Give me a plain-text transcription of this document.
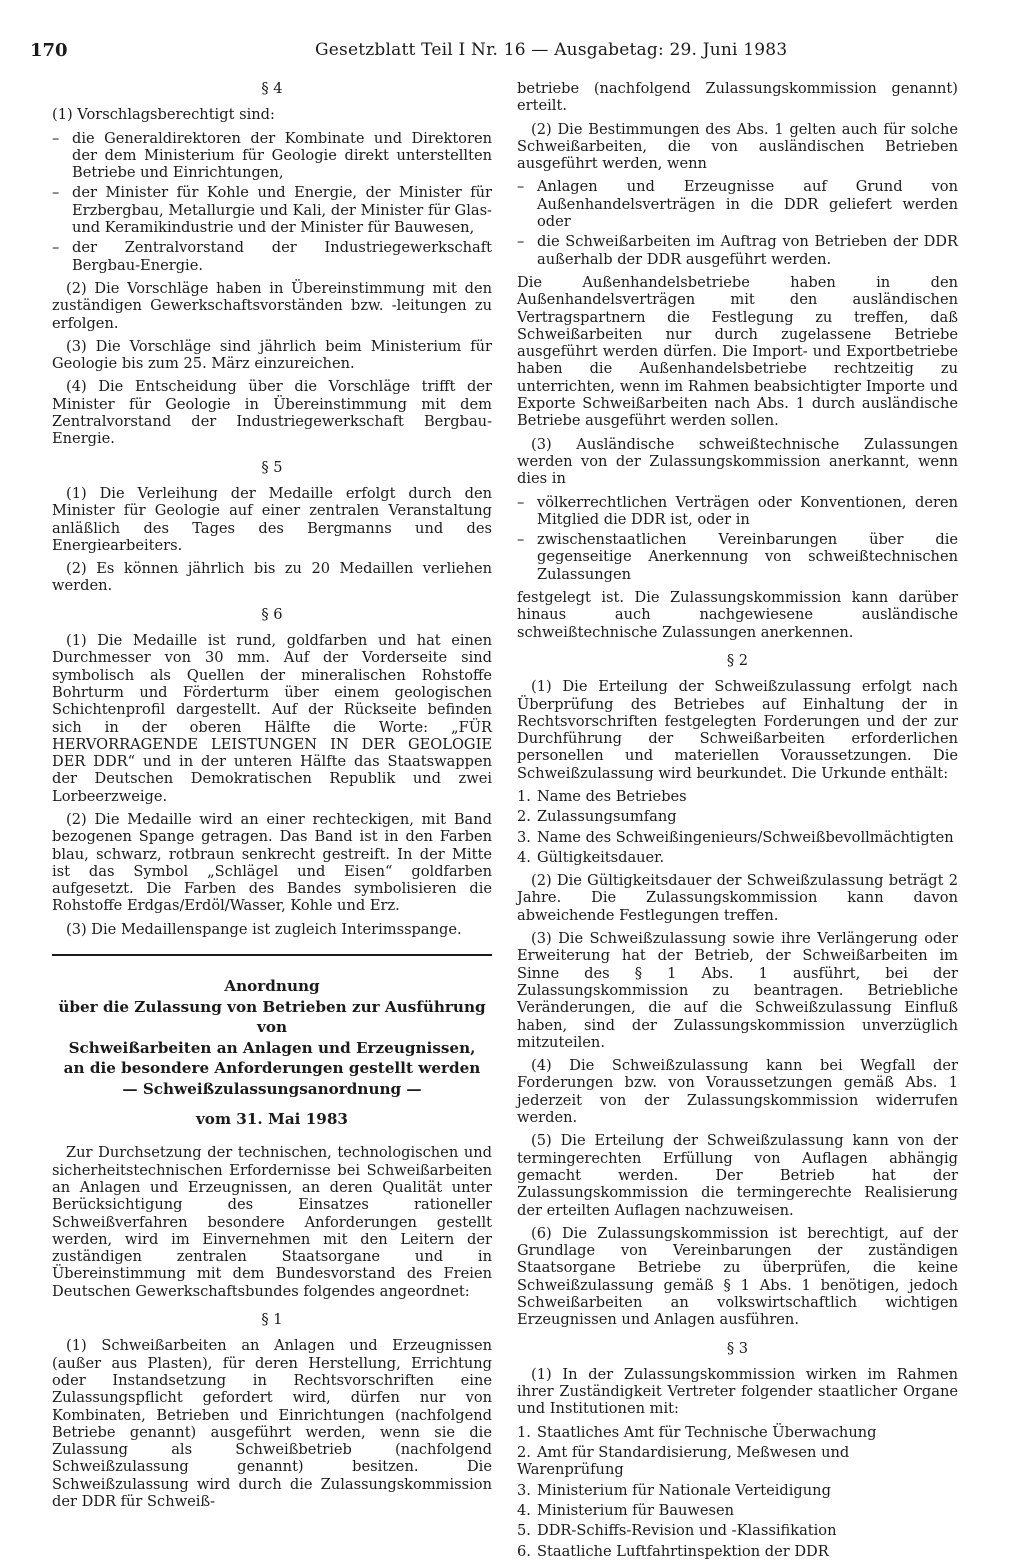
170	Gesetzblatt Teil I Nr. 16 — Ausgabetag: 29. Juni 1983
§ 4

(1) Vorschlagsberechtigt sind:

– die Generaldirektoren der Kombinate und Direktoren der dem Ministerium für Geologie direkt unterstellten Betriebe und Einrichtungen,
– der Minister für Kohle und Energie, der Minister für Erzbergbau, Metallurgie und Kali, der Minister für Glas- und Keramikindustrie und der Minister für Bauwesen,
– der Zentralvorstand der Industriegewerkschaft Bergbau-Energie.

(2) Die Vorschläge haben in Übereinstimmung mit den zuständigen Gewerkschaftsvorständen bzw. -leitungen zu erfolgen.

(3) Die Vorschläge sind jährlich beim Ministerium für Geologie bis zum 25. März einzureichen.

(4) Die Entscheidung über die Vorschläge trifft der Minister für Geologie in Übereinstimmung mit dem Zentralvorstand der Industriegewerkschaft Bergbau-Energie.

§ 5

(1) Die Verleihung der Medaille erfolgt durch den Minister für Geologie auf einer zentralen Veranstaltung anläßlich des Tages des Bergmanns und des Energiearbeiters.

(2) Es können jährlich bis zu 20 Medaillen verliehen werden.

§ 6

(1) Die Medaille ist rund, goldfarben und hat einen Durchmesser von 30 mm. Auf der Vorderseite sind symbolisch als Quellen der mineralischen Rohstoffe Bohrturm und Förderturm über einem geologischen Schichtenprofil dargestellt. Auf der Rückseite befinden sich in der oberen Hälfte die Worte: „FÜR HERVORRAGENDE LEISTUNGEN IN DER GEOLOGIE DER DDR“ und in der unteren Hälfte das Staatswappen der Deutschen Demokratischen Republik und zwei Lorbeerzweige.

(2) Die Medaille wird an einer rechteckigen, mit Band bezogenen Spange getragen. Das Band ist in den Farben blau, schwarz, rotbraun senkrecht gestreift. In der Mitte ist das Symbol „Schlägel und Eisen“ goldfarben aufgesetzt. Die Farben des Bandes symbolisieren die Rohstoffe Erdgas/Erdöl/Wasser, Kohle und Erz.

(3) Die Medaillenspange ist zugleich Interimsspange.

Anordnung
über die Zulassung von Betrieben zur Ausführung von
Schweißarbeiten an Anlagen und Erzeugnissen,
an die besondere Anforderungen gestellt werden
— Schweißzulassungsanordnung —
vom 31. Mai 1983

Zur Durchsetzung der technischen, technologischen und sicherheitstechnischen Erfordernisse bei Schweißarbeiten an Anlagen und Erzeugnissen, an deren Qualität unter Berücksichtigung des Einsatzes rationeller Schweißverfahren besondere Anforderungen gestellt werden, wird im Einvernehmen mit den Leitern der zuständigen zentralen Staatsorgane und in Übereinstimmung mit dem Bundesvorstand des Freien Deutschen Gewerkschaftsbundes folgendes angeordnet:

§ 1

(1) Schweißarbeiten an Anlagen und Erzeugnissen (außer aus Plasten), für deren Herstellung, Errichtung oder Instandsetzung in Rechtsvorschriften eine Zulassungspflicht gefordert wird, dürfen nur von Kombinaten, Betrieben und Einrichtungen (nachfolgend Betriebe genannt) ausgeführt werden, wenn sie die Zulassung als Schweißbetrieb (nachfolgend Schweißzulassung genannt) besitzen. Die Schweißzulassung wird durch die Zulassungskommission der DDR für Schweiß-

betriebe (nachfolgend Zulassungskommission genannt) erteilt.

(2) Die Bestimmungen des Abs. 1 gelten auch für solche Schweißarbeiten, die von ausländischen Betrieben ausgeführt werden, wenn

– Anlagen und Erzeugnisse auf Grund von Außenhandelsverträgen in die DDR geliefert werden oder
– die Schweißarbeiten im Auftrag von Betrieben der DDR außerhalb der DDR ausgeführt werden.

Die Außenhandelsbetriebe haben in den Außenhandelsverträgen mit den ausländischen Vertragspartnern die Festlegung zu treffen, daß Schweißarbeiten nur durch zugelassene Betriebe ausgeführt werden dürfen. Die Import- und Exportbetriebe haben die Außenhandelsbetriebe rechtzeitig zu unterrichten, wenn im Rahmen beabsichtigter Importe und Exporte Schweißarbeiten nach Abs. 1 durch ausländische Betriebe ausgeführt werden sollen.

(3) Ausländische schweißtechnische Zulassungen werden von der Zulassungskommission anerkannt, wenn dies in

– völkerrechtlichen Verträgen oder Konventionen, deren Mitglied die DDR ist, oder in
– zwischenstaatlichen Vereinbarungen über die gegenseitige Anerkennung von schweißtechnischen Zulassungen

festgelegt ist. Die Zulassungskommission kann darüber hinaus auch nachgewiesene ausländische schweißtechnische Zulassungen anerkennen.

§ 2

(1) Die Erteilung der Schweißzulassung erfolgt nach Überprüfung des Betriebes auf Einhaltung der in Rechtsvorschriften festgelegten Forderungen und der zur Durchführung der Schweißarbeiten erforderlichen personellen und materiellen Voraussetzungen. Die Schweißzulassung wird beurkundet. Die Urkunde enthält:

1. Name des Betriebes
2. Zulassungsumfang
3. Name des Schweißingenieurs/Schweißbevollmächtigten
4. Gültigkeitsdauer.

(2) Die Gültigkeitsdauer der Schweißzulassung beträgt 2 Jahre. Die Zulassungskommission kann davon abweichende Festlegungen treffen.

(3) Die Schweißzulassung sowie ihre Verlängerung oder Erweiterung hat der Betrieb, der Schweißarbeiten im Sinne des § 1 Abs. 1 ausführt, bei der Zulassungskommission zu beantragen. Betriebliche Veränderungen, die auf die Schweißzulassung Einfluß haben, sind der Zulassungskommission unverzüglich mitzuteilen.

(4) Die Schweißzulassung kann bei Wegfall der Forderungen bzw. von Voraussetzungen gemäß Abs. 1 jederzeit von der Zulassungskommission widerrufen werden.

(5) Die Erteilung der Schweißzulassung kann von der termingerechten Erfüllung von Auflagen abhängig gemacht werden. Der Betrieb hat der Zulassungskommission die termingerechte Realisierung der erteilten Auflagen nachzuweisen.

(6) Die Zulassungskommission ist berechtigt, auf der Grundlage von Vereinbarungen der zuständigen Staatsorgane Betriebe zu überprüfen, die keine Schweißzulassung gemäß § 1 Abs. 1 benötigen, jedoch Schweißarbeiten an volkswirtschaftlich wichtigen Erzeugnissen und Anlagen ausführen.

§ 3

(1) In der Zulassungskommission wirken im Rahmen ihrer Zuständigkeit Vertreter folgender staatlicher Organe und Institutionen mit:

1. Staatliches Amt für Technische Überwachung
2. Amt für Standardisierung, Meßwesen und Warenprüfung
3. Ministerium für Nationale Verteidigung
4. Ministerium für Bauwesen
5. DDR-Schiffs-Revision und -Klassifikation
6. Staatliche Luftfahrtinspektion der DDR
